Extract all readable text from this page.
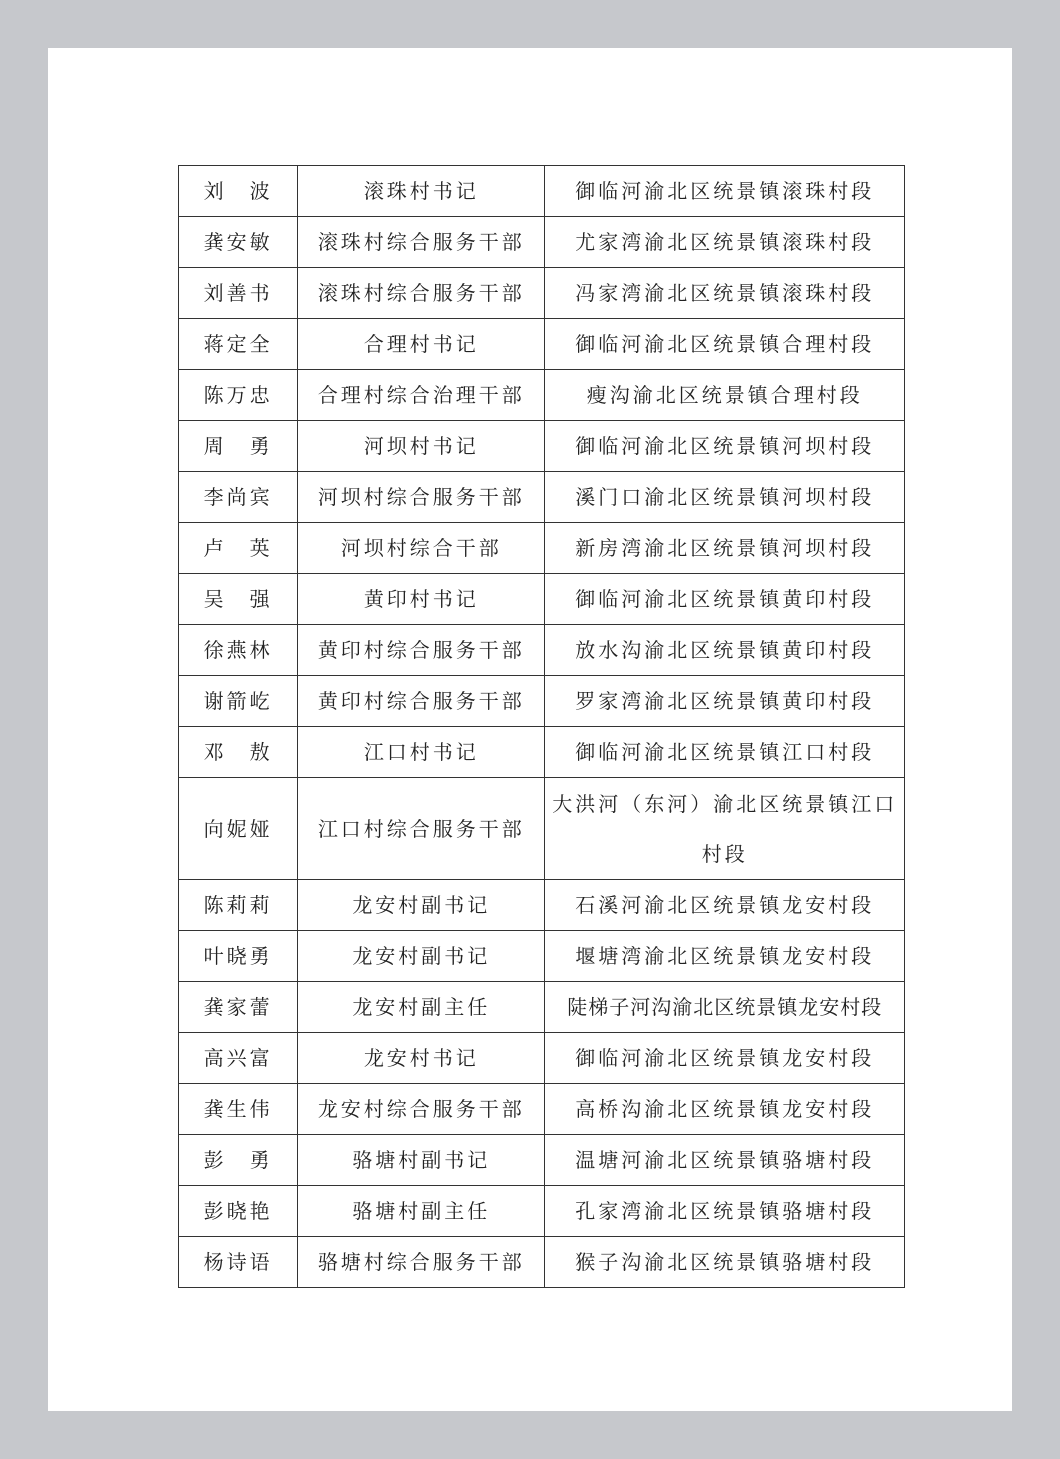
刘　波	滚珠村书记	御临河渝北区统景镇滚珠村段
龚安敏	滚珠村综合服务干部	尤家湾渝北区统景镇滚珠村段
刘善书	滚珠村综合服务干部	冯家湾渝北区统景镇滚珠村段
蒋定全	合理村书记	御临河渝北区统景镇合理村段
陈万忠	合理村综合治理干部	瘦沟渝北区统景镇合理村段
周　勇	河坝村书记	御临河渝北区统景镇河坝村段
李尚宾	河坝村综合服务干部	溪门口渝北区统景镇河坝村段
卢　英	河坝村综合干部	新房湾渝北区统景镇河坝村段
吴　强	黄印村书记	御临河渝北区统景镇黄印村段
徐燕林	黄印村综合服务干部	放水沟渝北区统景镇黄印村段
谢箭屹	黄印村综合服务干部	罗家湾渝北区统景镇黄印村段
邓　敖	江口村书记	御临河渝北区统景镇江口村段
向妮娅	江口村综合服务干部	大洪河（东河）渝北区统景镇江口村段
陈莉莉	龙安村副书记	石溪河渝北区统景镇龙安村段
叶晓勇	龙安村副书记	堰塘湾渝北区统景镇龙安村段
龚家蕾	龙安村副主任	陡梯子河沟渝北区统景镇龙安村段
高兴富	龙安村书记	御临河渝北区统景镇龙安村段
龚生伟	龙安村综合服务干部	高桥沟渝北区统景镇龙安村段
彭　勇	骆塘村副书记	温塘河渝北区统景镇骆塘村段
彭晓艳	骆塘村副主任	孔家湾渝北区统景镇骆塘村段
杨诗语	骆塘村综合服务干部	猴子沟渝北区统景镇骆塘村段
